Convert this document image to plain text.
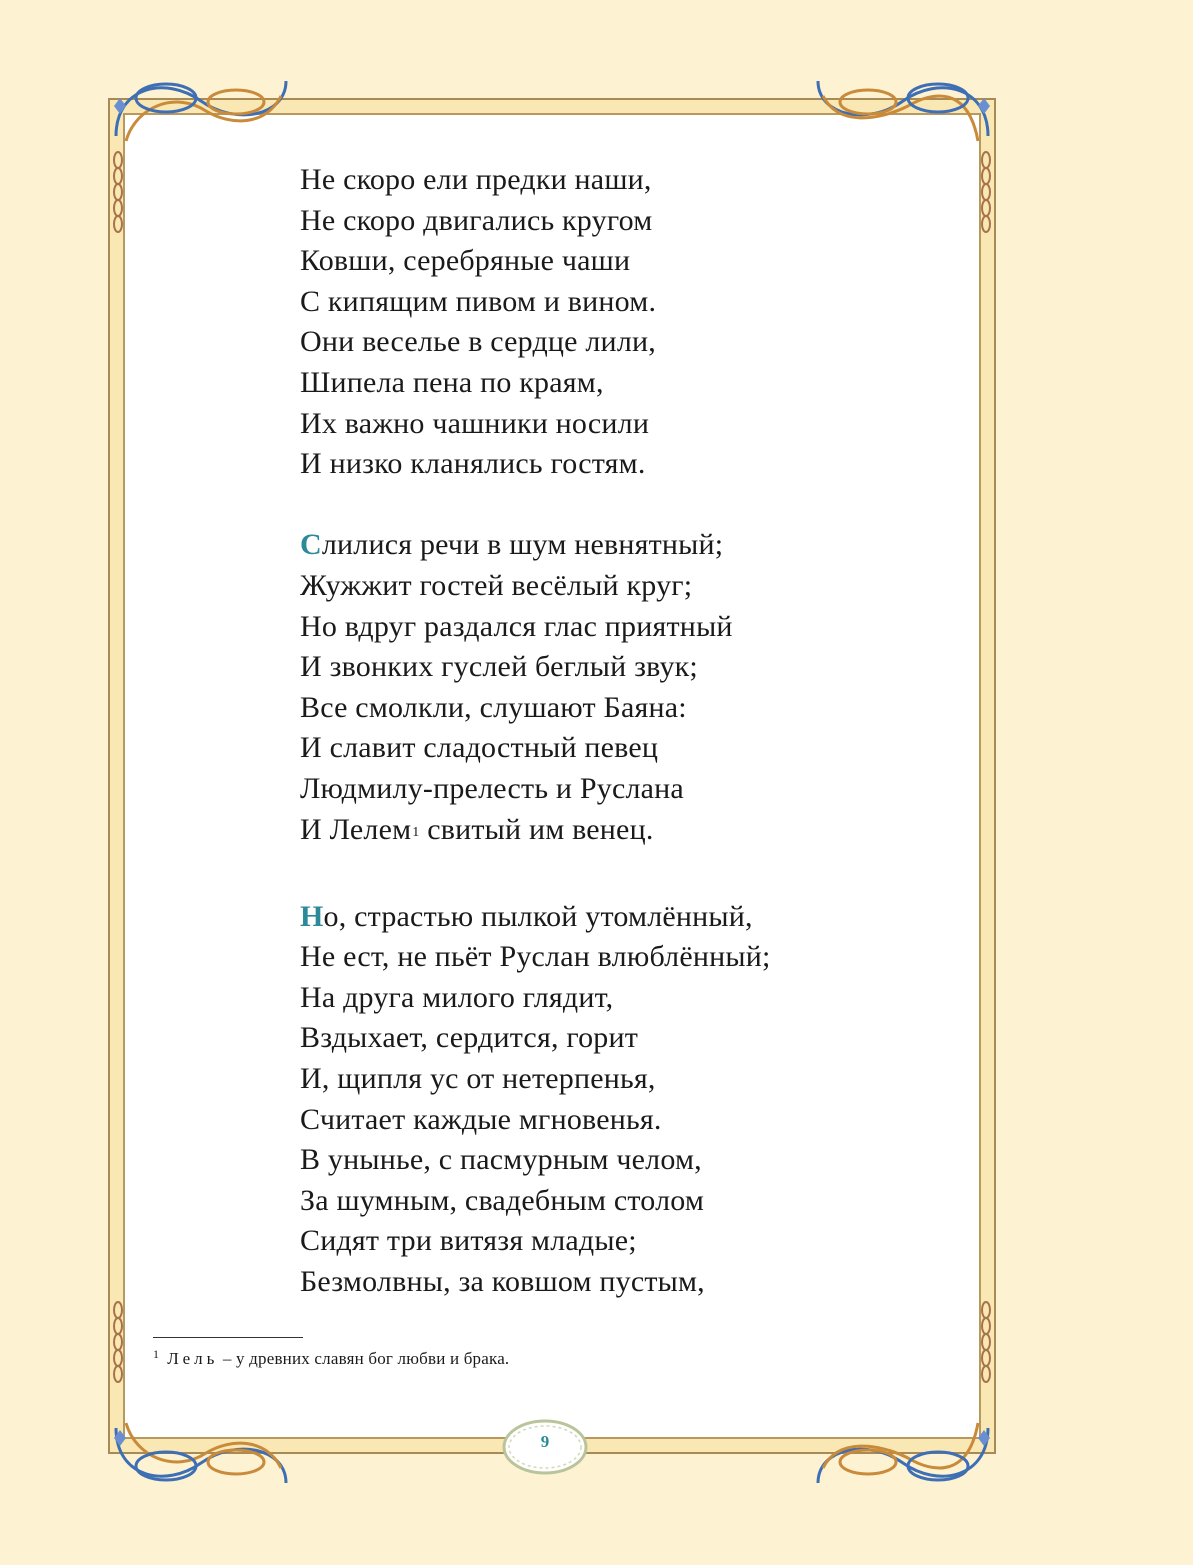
Не скоро ели предки наши,
Не скоро двигались кругом
Ковши, серебряные чаши
С кипящим пивом и вином.
Они веселье в сердце лили,
Шипела пена по краям,
Их важно чашники носили
И низко кланялись гостям.
Слилися речи в шум невнятный;
Жужжит гостей весёлый круг;
Но вдруг раздался глас приятный
И звонких гуслей беглый звук;
Все смолкли, слушают Баяна:
И славит сладостный певец
Людмилу-прелесть и Руслана
И Лелем$^1$ свитый им венец.
Но, страстью пылкой утомлённый,
Не ест, не пьёт Руслан влюблённый;
На друга милого глядит,
Вздыхает, сердится, горит
И, щипля ус от нетерпенья,
Считает каждые мгновенья.
В унынье, с пасмурным челом,
За шумным, свадебным столом
Сидят три витязя младые;
Безмолвны, за ковшом пустым,
$^1$ Лель – у древних славян бог любви и брака.
9
